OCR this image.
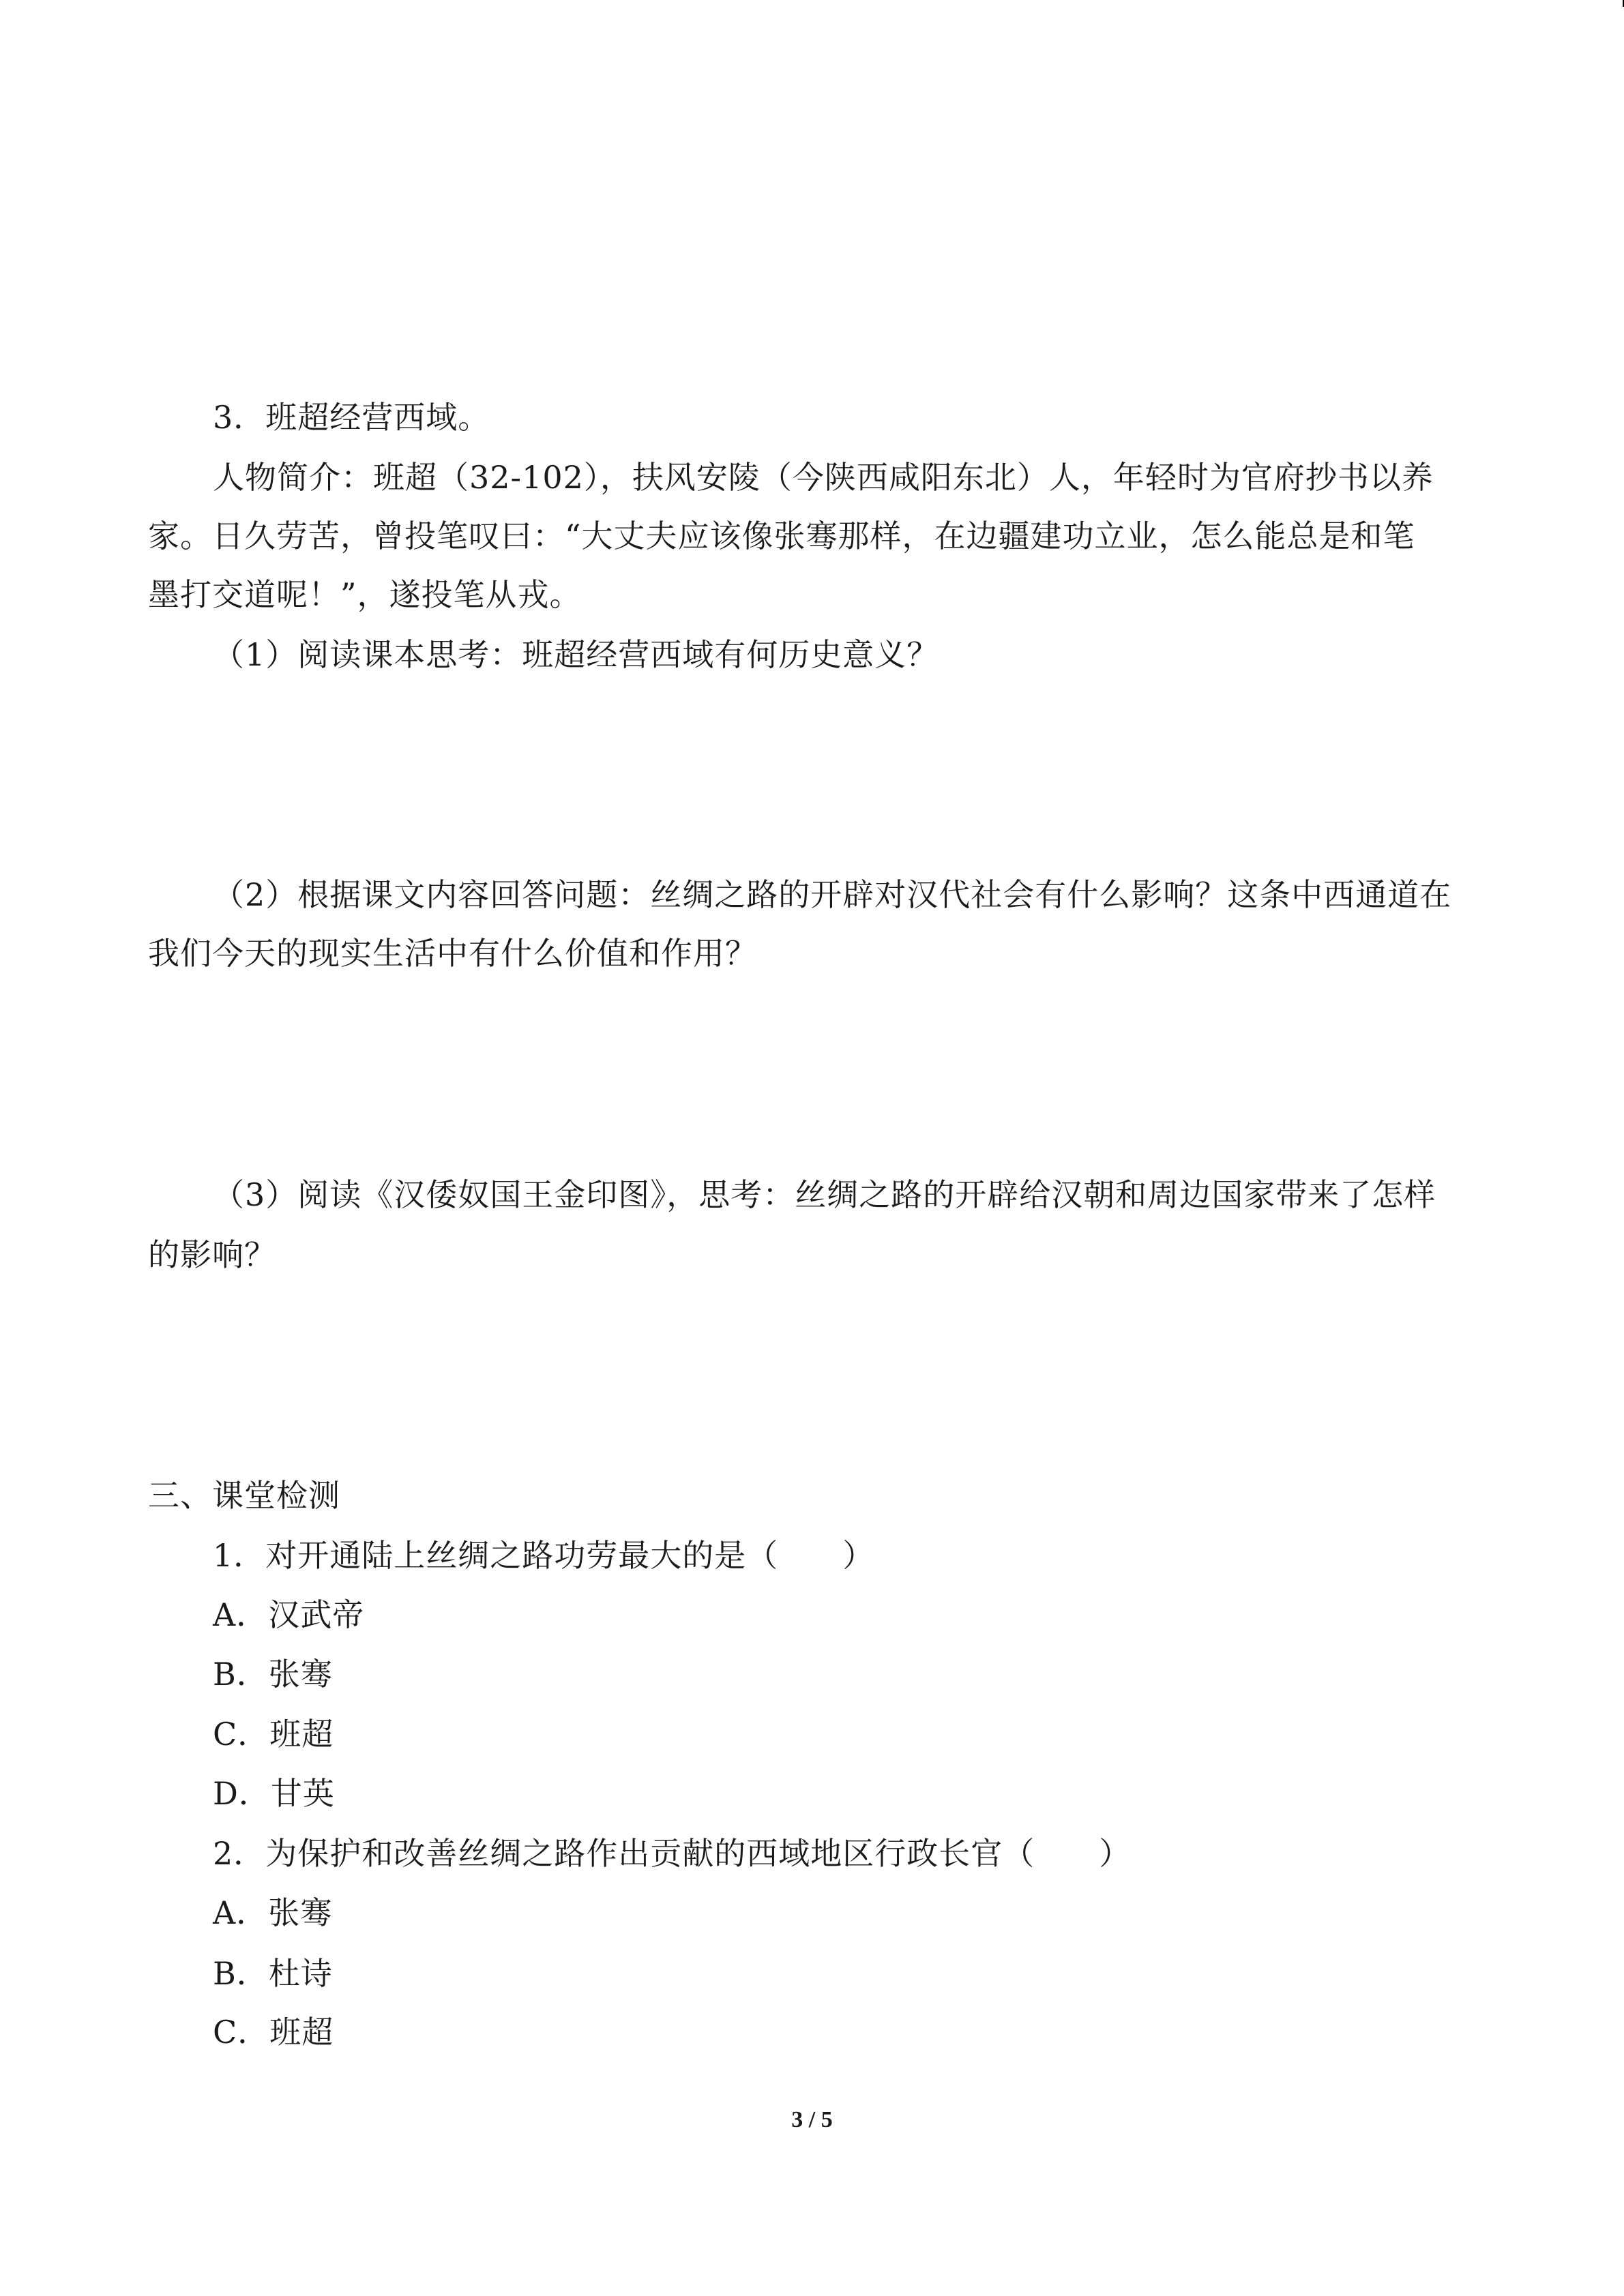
3．班超经营西域。
人物简介：班超（32-102），扶风安陵（今陕西咸阳东北）人，年轻时为官府抄书以养
家。日久劳苦，曾投笔叹曰：“大丈夫应该像张骞那样，在边疆建功立业，怎么能总是和笔
墨打交道呢！”，遂投笔从戎。
（1）阅读课本思考：班超经营西域有何历史意义？
（2）根据课文内容回答问题：丝绸之路的开辟对汉代社会有什么影响？这条中西通道在
我们今天的现实生活中有什么价值和作用？
（3）阅读《汉倭奴国王金印图》，思考：丝绸之路的开辟给汉朝和周边国家带来了怎样
的影响？
三、课堂检测
1．对开通陆上丝绸之路功劳最大的是（　　）
A．汉武帝
B．张骞
C．班超
D．甘英
2．为保护和改善丝绸之路作出贡献的西域地区行政长官（　　）
A．张骞
B．杜诗
C．班超
3 / 5
